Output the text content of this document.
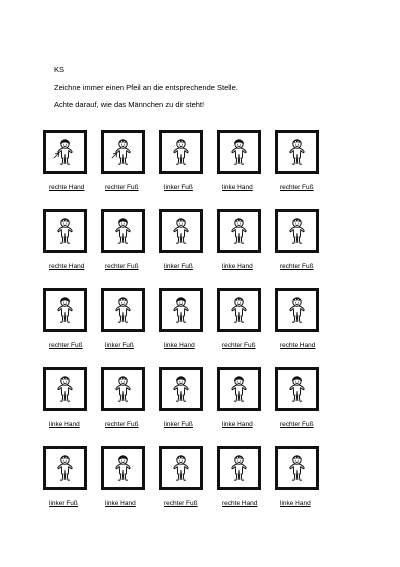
KS
Zeichne immer einen Pfeil an die entsprechende Stelle.
Achte darauf, wie das Männchen zu dir steht!
rechte Hand	rechter Fuß	linker Fuß	linke Hand	rechter Fuß
rechte Hand	rechter Fuß	linker Fuß	linke Hand	rechter Fuß
rechter Fuß	linker Fuß	linke Hand	rechter Fuß	rechte Hand
linke Hand	rechter Fuß	linker Fuß	linke Hand	rechter Fuß
linker Fuß	linke Hand	rechter Fuß	rechte Hand	linke Hand
